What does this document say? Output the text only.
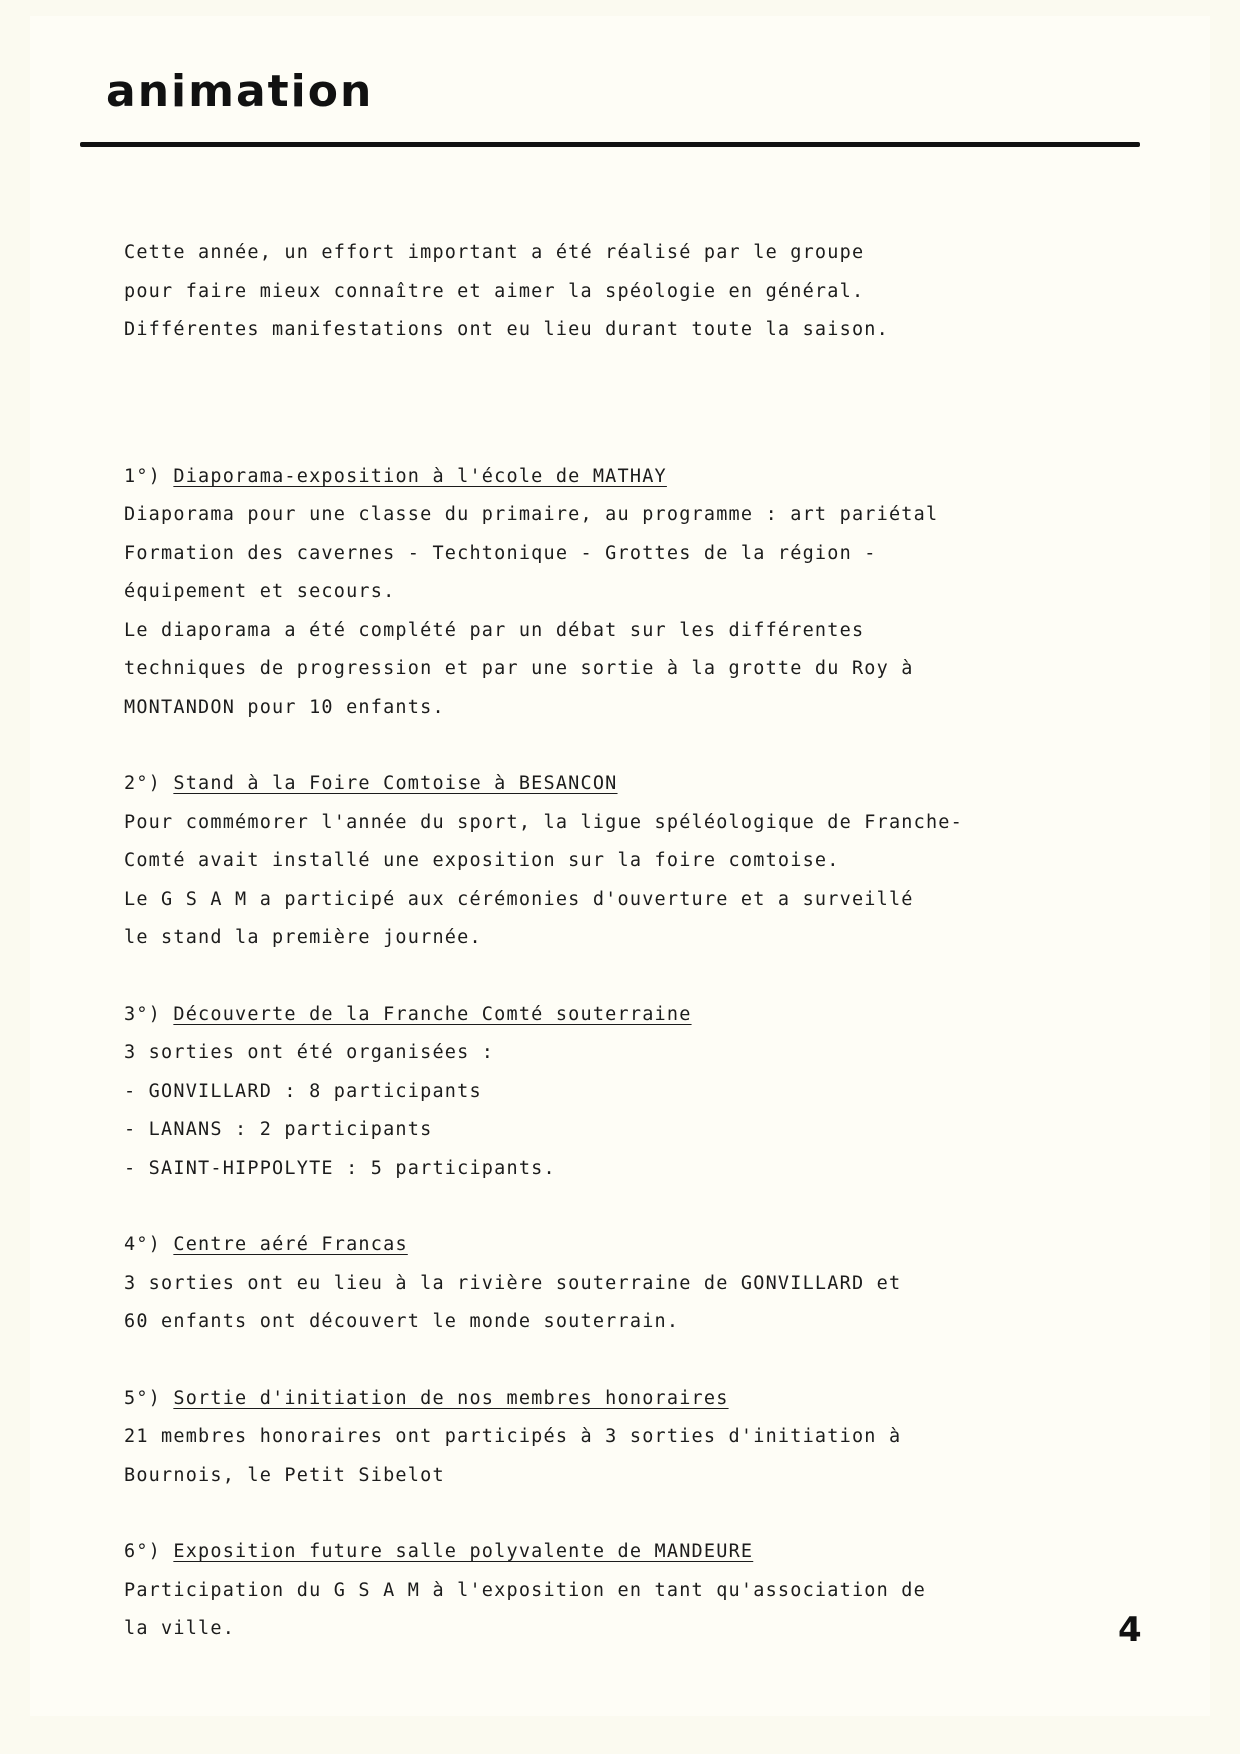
animation

Cette année, un effort important a été réalisé par le groupe

pour faire mieux connaître et aimer la spéologie en général.

Différentes manifestations ont eu lieu durant toute la saison.

1°) Diaporama-exposition à l'école de MATHAY

Diaporama pour une classe du primaire, au programme : art pariétal

Formation des cavernes - Techtonique - Grottes de la région -

équipement et secours.

Le diaporama a été complété par un débat sur les différentes

techniques de progression et par une sortie à la grotte du Roy à

MONTANDON pour 10 enfants.

2°) Stand à la Foire Comtoise à BESANCON

Pour commémorer l'année du sport, la ligue spéléologique de Franche-

Comté avait installé une exposition sur la foire comtoise.

Le G S A M a participé aux cérémonies d'ouverture et a surveillé

le stand la première journée.

3°) Découverte de la Franche Comté souterraine

3 sorties ont été organisées :

- GONVILLARD : 8 participants

- LANANS : 2 participants

- SAINT-HIPPOLYTE : 5 participants.

4°) Centre aéré Francas

3 sorties ont eu lieu à la rivière souterraine de GONVILLARD et

60 enfants ont découvert le monde souterrain.

5°) Sortie d'initiation de nos membres honoraires

21 membres honoraires ont participés à 3 sorties d'initiation à

Bournois, le Petit Sibelot

6°) Exposition future salle polyvalente de MANDEURE

Participation du G S A M à l'exposition en tant qu'association de

la ville.	4
